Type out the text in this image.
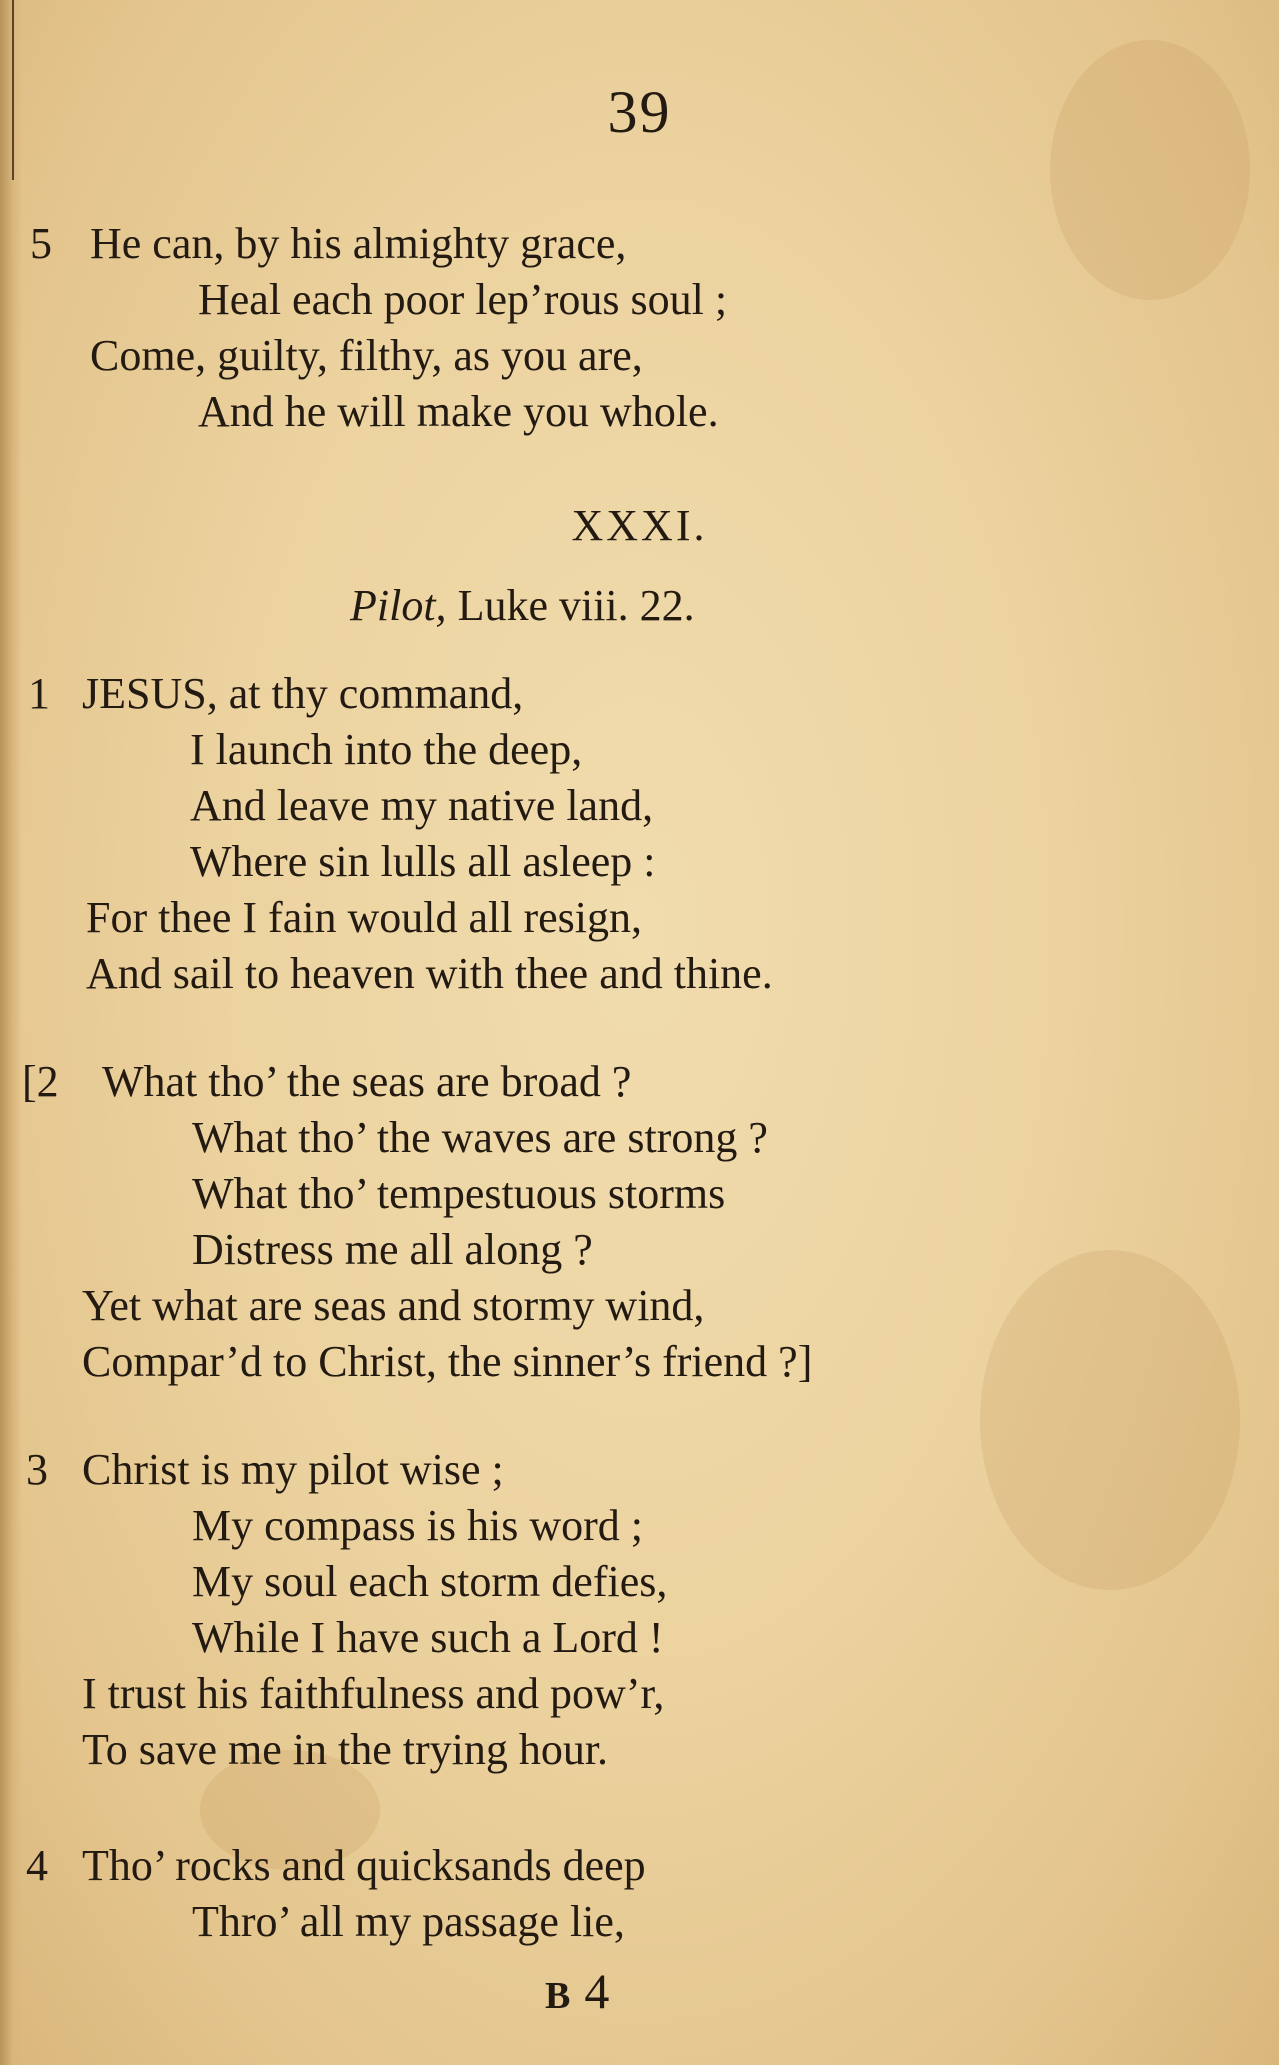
39
5 He can, by his almighty grace,
Heal each poor lep’rous soul ;
Come, guilty, filthy, as you are,
And he will make you whole.
XXXI.
Pilot, Luke viii. 22.
1 JESUS, at thy command,
I launch into the deep,
And leave my native land,
Where sin lulls all asleep :
For thee I fain would all resign,
And sail to heaven with thee and thine.
[2 What tho’ the seas are broad ?
What tho’ the waves are strong ?
What tho’ tempestuous storms
Distress me all along ?
Yet what are seas and stormy wind,
Compar’d to Christ, the sinner’s friend ?]
3 Christ is my pilot wise ;
My compass is his word ;
My soul each storm defies,
While I have such a Lord !
I trust his faithfulness and pow’r,
To save me in the trying hour.
4 Tho’ rocks and quicksands deep
Thro’ all my passage lie,
B 4
